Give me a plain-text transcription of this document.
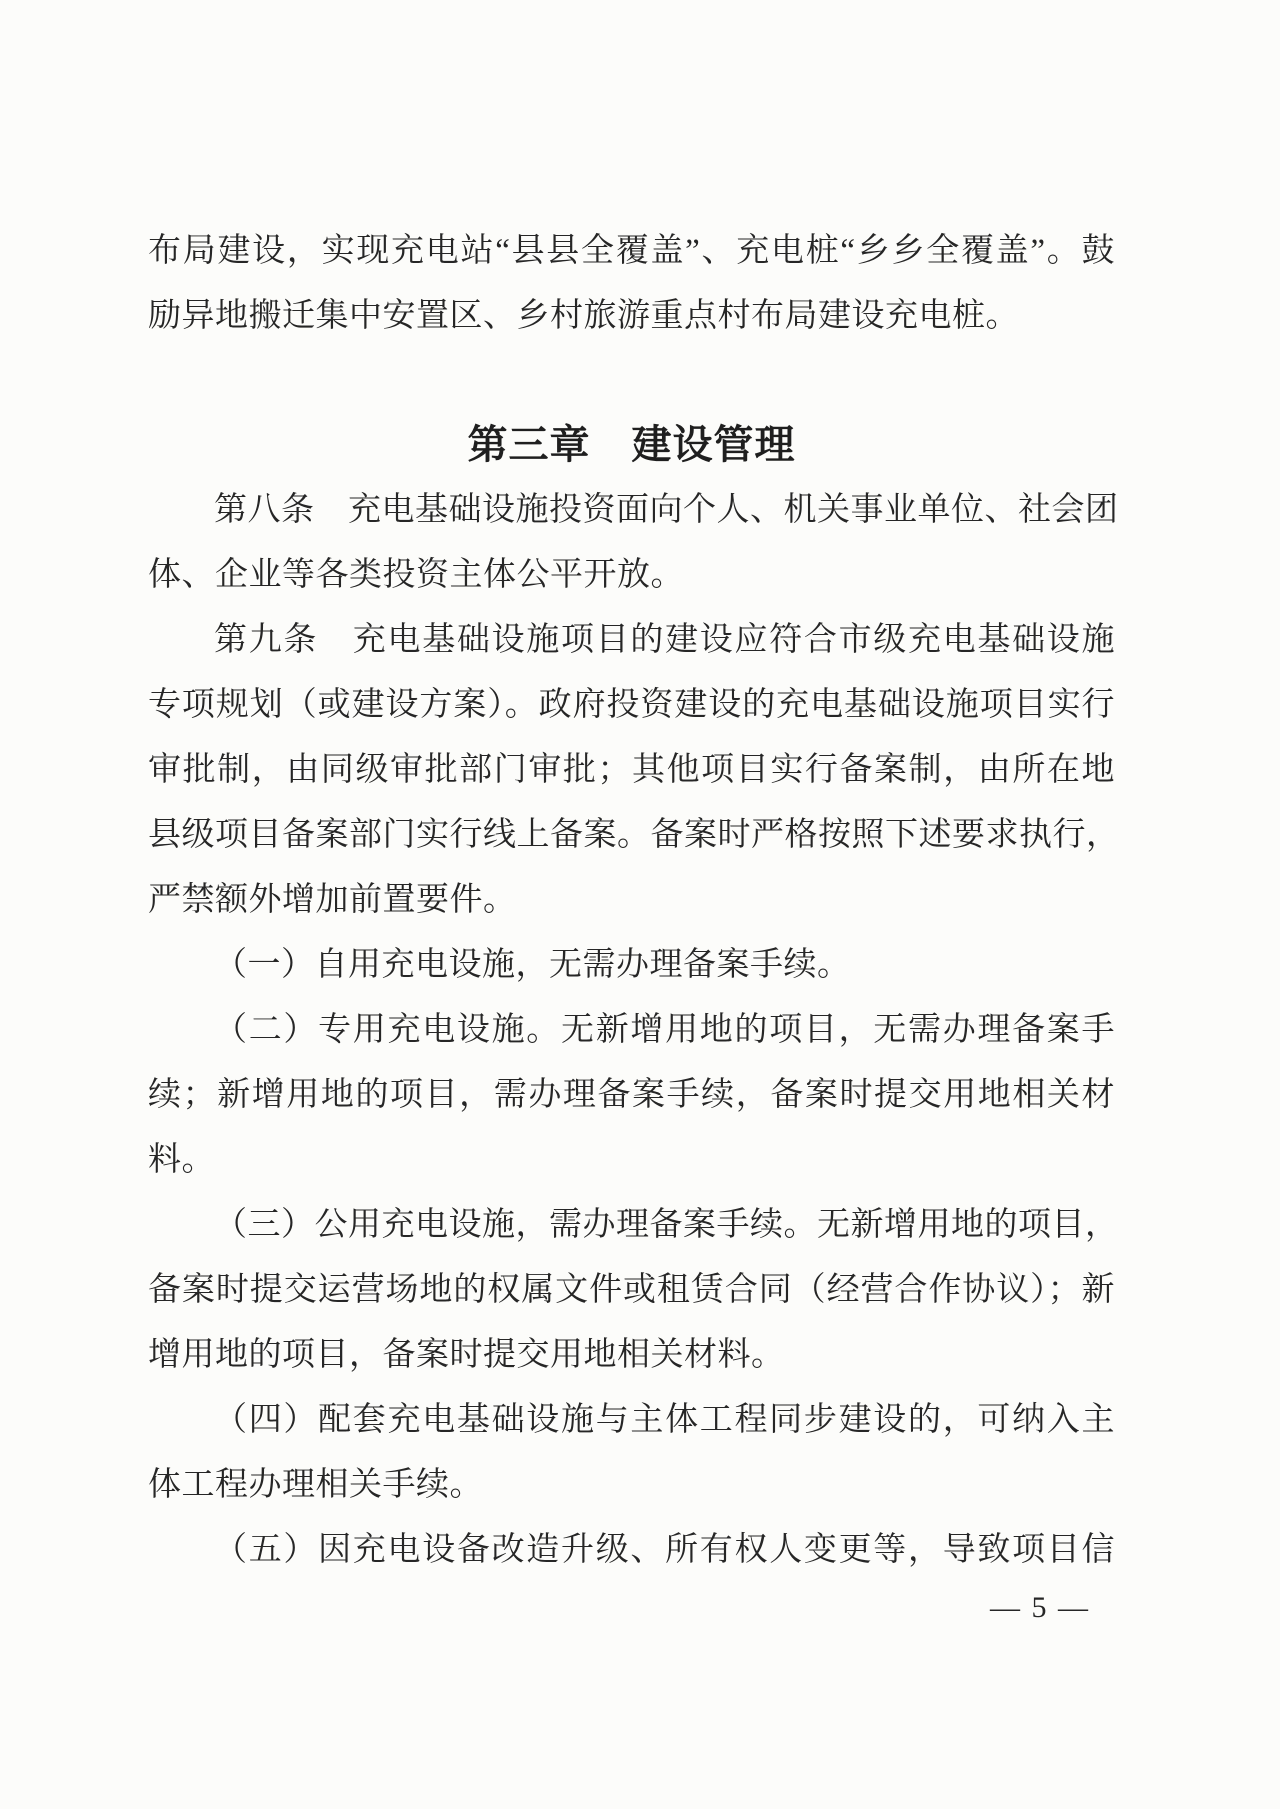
布局建设，实现充电站“县县全覆盖”、充电桩“乡乡全覆盖”。鼓

励异地搬迁集中安置区、乡村旅游重点村布局建设充电桩。

第三章　建设管理

第八条　充电基础设施投资面向个人、机关事业单位、社会团

体、企业等各类投资主体公平开放。

第九条　充电基础设施项目的建设应符合市级充电基础设施

专项规划（或建设方案）。政府投资建设的充电基础设施项目实行

审批制，由同级审批部门审批；其他项目实行备案制，由所在地

县级项目备案部门实行线上备案。备案时严格按照下述要求执行，

严禁额外增加前置要件。

（一）自用充电设施，无需办理备案手续。

（二）专用充电设施。无新增用地的项目，无需办理备案手

续；新增用地的项目，需办理备案手续，备案时提交用地相关材

料。

（三）公用充电设施，需办理备案手续。无新增用地的项目，

备案时提交运营场地的权属文件或租赁合同（经营合作协议）；新

增用地的项目，备案时提交用地相关材料。

（四）配套充电基础设施与主体工程同步建设的，可纳入主

体工程办理相关手续。

（五）因充电设备改造升级、所有权人变更等，导致项目信

— 5 —
